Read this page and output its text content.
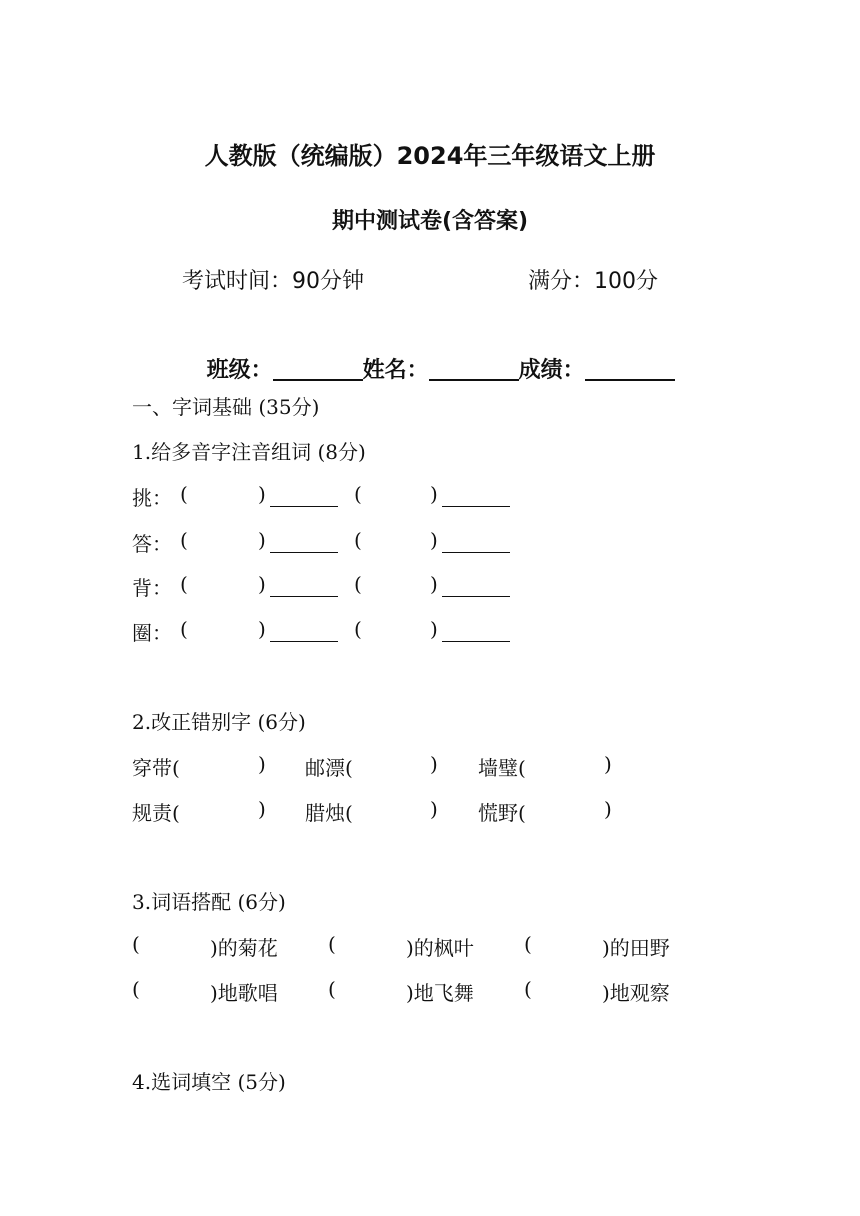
人教版（统编版）2024年三年级语文上册
期中测试卷(含答案)
考试时间：90分钟	满分：100分

班级：	姓名：	成绩：

一、字词基础 (35分)
1.给多音字注音组词 (8分)
挑： (	)	(	)
答： (	)	(	)
背： (	)	(	)
圈： (	)	(	)
2.改正错别字 (6分)
穿带(	) 邮漂(	) 墙璧(	)
规责(	) 腊烛(	) 慌野(	)
3.词语搭配 (6分)
(	)的菊花	(	)的枫叶	(	)的田野
(	)地歌唱	(	)地飞舞	(	)地观察
4.选词填空 (5分)
